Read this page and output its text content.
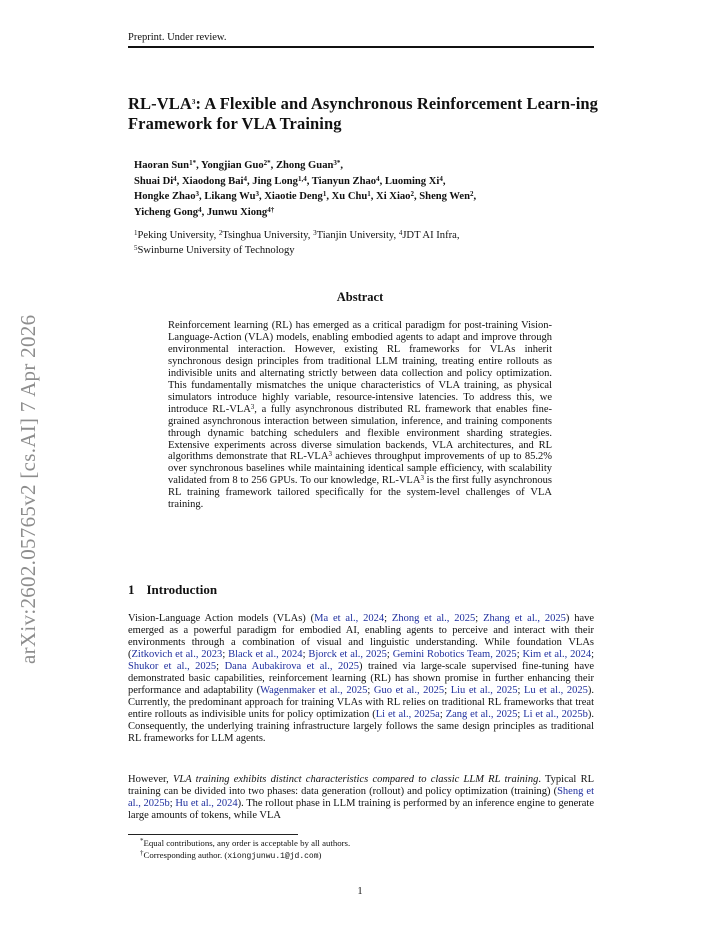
Preprint. Under review.
arXiv:2602.05765v2 [cs.AI] 7 Apr 2026
RL-VLA$^3$: A Flexible and Asynchronous Reinforcement Learn-ing Framework for VLA Training
Haoran Sun$^{1*}$, Yongjian Guo$^{2*}$, Zhong Guan$^{3*}$,
Shuai Di$^4$, Xiaodong Bai$^4$, Jing Long$^{1,4}$, Tianyun Zhao$^4$, Luoming Xi$^4$,
Hongke Zhao$^3$, Likang Wu$^3$, Xiaotie Deng$^1$, Xu Chu$^1$, Xi Xiao$^2$, Sheng Wen$^2$,
Yicheng Gong$^4$, Junwu Xiong$^{4\dagger}$
$^1$Peking University, $^2$Tsinghua University, $^3$Tianjin University, $^4$JDT AI Infra,
$^5$Swinburne University of Technology
Abstract
Reinforcement learning (RL) has emerged as a critical paradigm for post-training Vision-Language-Action (VLA) models, enabling embodied agents to adapt and improve through environmental interaction. However, existing RL frameworks for VLAs inherit synchronous design principles from traditional LLM training, treating entire rollouts as indivisible units and alternating strictly between data collection and policy optimization. This fundamentally mismatches the unique characteristics of VLA training, as physical simulators introduce highly variable, resource-intensive latencies. To address this, we introduce RL-VLA$^3$, a fully asynchronous distributed RL framework that enables fine-grained asynchronous interaction between simulation, inference, and training components through dynamic batching schedulers and flexible environment sharding strategies. Extensive experiments across diverse simulation backends, VLA architectures, and RL algorithms demonstrate that RL-VLA$^3$ achieves throughput improvements of up to 85.2% over synchronous baselines while maintaining identical sample efficiency, with scalability validated from 8 to 256 GPUs. To our knowledge, RL-VLA$^3$ is the first fully asynchronous RL training framework tailored specifically for the system-level challenges of VLA training.
1 Introduction
Vision-Language Action models (VLAs) (Ma et al., 2024; Zhong et al., 2025; Zhang et al., 2025) have emerged as a powerful paradigm for embodied AI, enabling agents to perceive and interact with their environments through a combination of visual and linguistic understanding. While foundation VLAs (Zitkovich et al., 2023; Black et al., 2024; Bjorck et al., 2025; Gemini Robotics Team, 2025; Kim et al., 2024; Shukor et al., 2025; Dana Aubakirova et al., 2025) trained via large-scale supervised fine-tuning have demonstrated basic capabilities, reinforcement learning (RL) has shown promise in further enhancing their performance and adaptability (Wagenmaker et al., 2025; Guo et al., 2025; Liu et al., 2025; Lu et al., 2025). Currently, the predominant approach for training VLAs with RL relies on traditional RL frameworks that treat entire rollouts as indivisible units for policy optimization (Li et al., 2025a; Zang et al., 2025; Li et al., 2025b). Consequently, the underlying training infrastructure largely follows the same design principles as traditional RL frameworks for LLM agents.
However, VLA training exhibits distinct characteristics compared to classic LLM RL training. Typical RL training can be divided into two phases: data generation (rollout) and policy optimization (training) (Sheng et al., 2025b; Hu et al., 2024). The rollout phase in LLM training is performed by an inference engine to generate large amounts of tokens, while VLA
*Equal contributions, any order is acceptable by all authors.
†Corresponding author. (xiongjunwu.1@jd.com)
1
